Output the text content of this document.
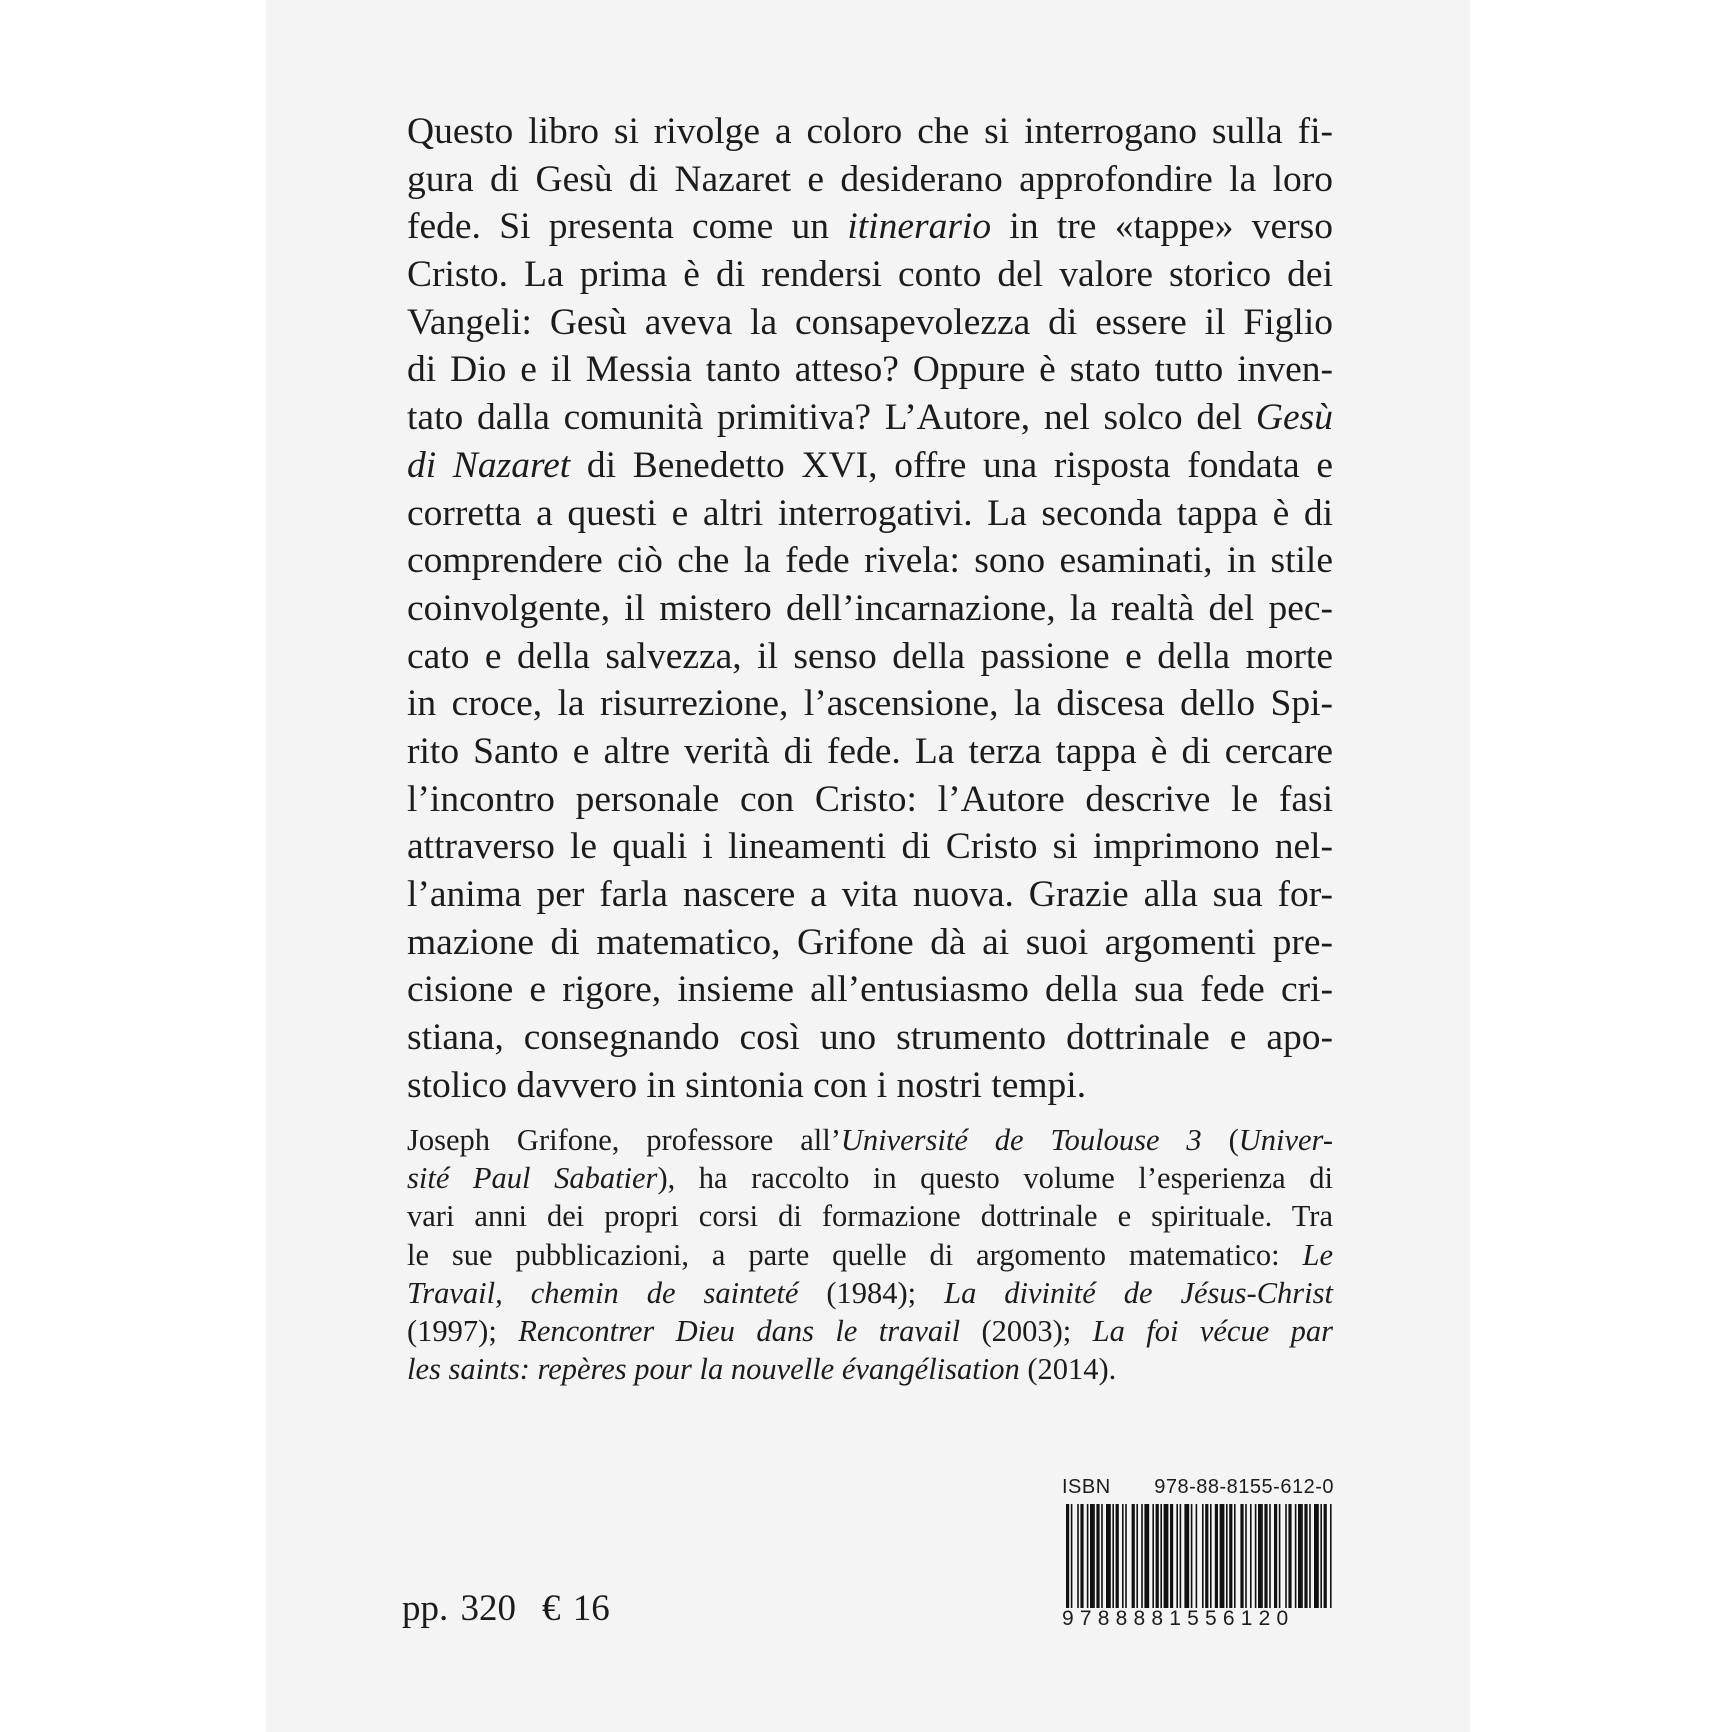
Questo libro si rivolge a coloro che si interrogano sulla fi-
gura di Gesù di Nazaret e desiderano approfondire la loro
fede. Si presenta come un itinerario in tre «tappe» verso
Cristo. La prima è di rendersi conto del valore storico dei
Vangeli: Gesù aveva la consapevolezza di essere il Figlio
di Dio e il Messia tanto atteso? Oppure è stato tutto inven-
tato dalla comunità primitiva? L’Autore, nel solco del Gesù
di Nazaret di Benedetto XVI, offre una risposta fondata e
corretta a questi e altri interrogativi. La seconda tappa è di
comprendere ciò che la fede rivela: sono esaminati, in stile
coinvolgente, il mistero dell’incarnazione, la realtà del pec-
cato e della salvezza, il senso della passione e della morte
in croce, la risurrezione, l’ascensione, la discesa dello Spi-
rito Santo e altre verità di fede. La terza tappa è di cercare
l’incontro personale con Cristo: l’Autore descrive le fasi
attraverso le quali i lineamenti di Cristo si imprimono nel-
l’anima per farla nascere a vita nuova. Grazie alla sua for-
mazione di matematico, Grifone dà ai suoi argomenti pre-
cisione e rigore, insieme all’entusiasmo della sua fede cri-
stiana, consegnando così uno strumento dottrinale e apo-
stolico davvero in sintonia con i nostri tempi.
Joseph Grifone, professore all’Université de Toulouse 3 (Univer-
sité Paul Sabatier), ha raccolto in questo volume l’esperienza di
vari anni dei propri corsi di formazione dottrinale e spirituale. Tra
le sue pubblicazioni, a parte quelle di argomento matematico: Le
Travail, chemin de sainteté (1984); La divinité de Jésus-Christ
(1997); Rencontrer Dieu dans le travail (2003); La foi vécue par
les saints: repères pour la nouvelle évangélisation (2014).
pp. 320 € 16
ISBN 978-88-8155-612-0
9788881556120
